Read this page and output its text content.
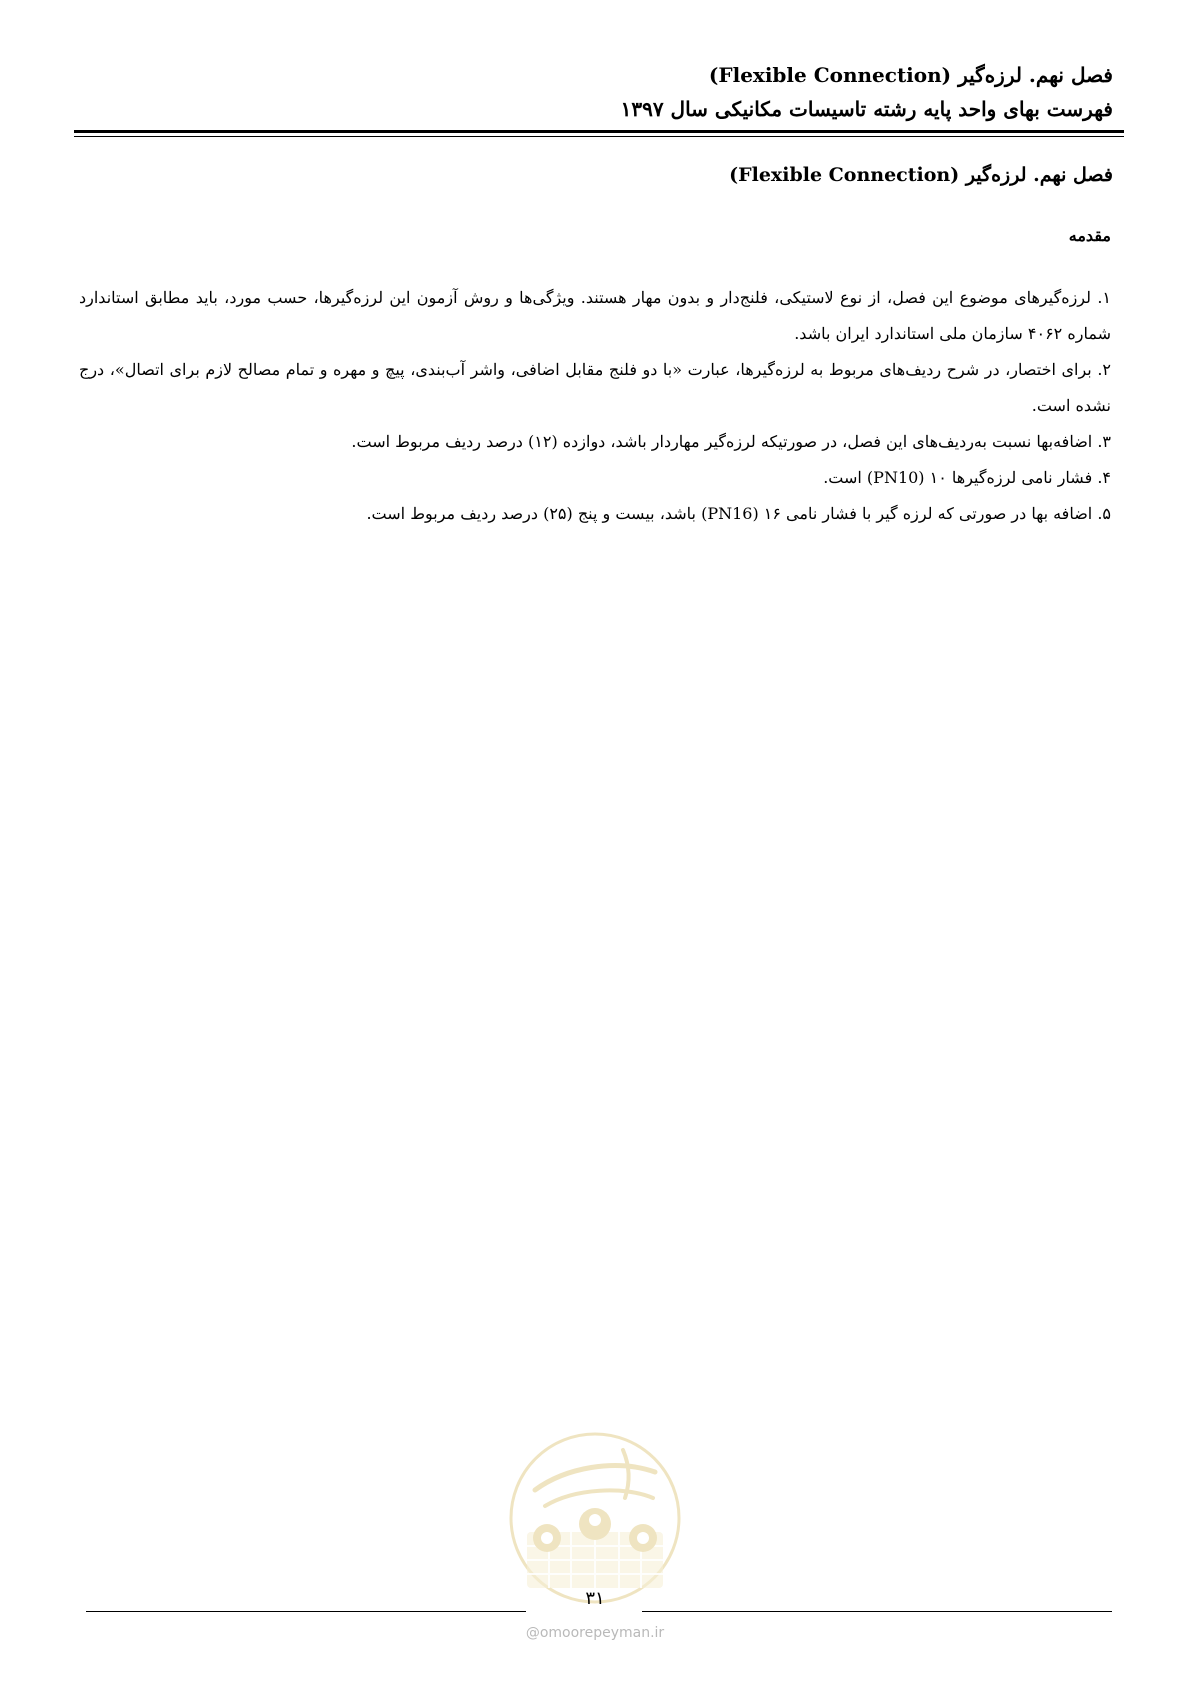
فصل نهم. لرزه‌گیر (Flexible Connection)
فهرست بهای واحد پایه رشته تاسیسات مکانیکی سال ۱۳۹۷
فصل نهم. لرزه‌گیر (Flexible Connection)
مقدمه
۱. لرزه‌گیرهای موضوع این فصل، از نوع لاستیکی، فلنج‌دار و بدون مهار هستند. ویژگی‌ها و روش آزمون این لرزه‌گیرها، حسب مورد، باید مطابق استاندارد شماره ۴۰۶۲ سازمان ملی استاندارد ایران باشد.
۲. برای اختصار، در شرح ردیف‌های مربوط به لرزه‌گیرها، عبارت «با دو فلنج مقابل اضافی، واشر آب‌بندی، پیچ و مهره و تمام مصالح لازم برای اتصال»، درج نشده است.
۳. اضافه‌بها نسبت به‌ردیف‌های این فصل، در صورتیکه لرزه‌گیر مهاردار باشد، دوازده (۱۲) درصد ردیف مربوط است.
۴. فشار نامی لرزه‌گیرها ۱۰ (PN10) است.
۵. اضافه بها در صورتی که لرزه گیر با فشار نامی ۱۶ (PN16) باشد، بیست و پنج (۲۵) درصد ردیف مربوط است.
۳۱
@omoorepeyman.ir
